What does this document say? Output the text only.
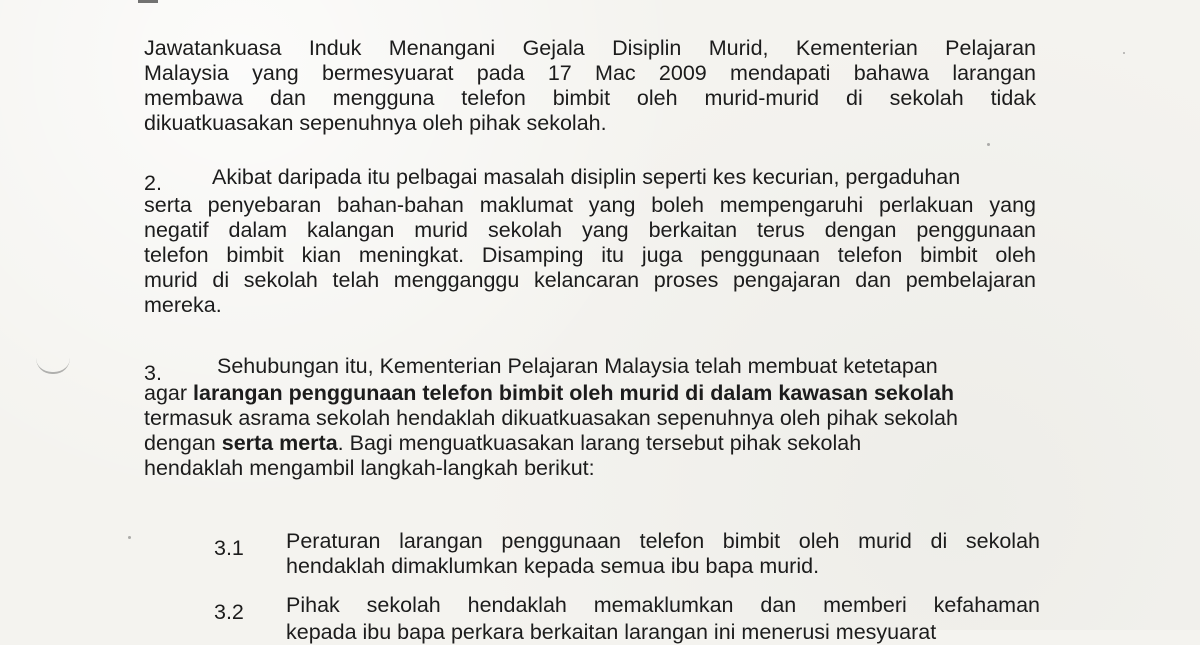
Jawatankuasa Induk Menangani Gejala Disiplin Murid, Kementerian Pelajaran
Malaysia yang bermesyuarat pada 17 Mac 2009 mendapati bahawa larangan
membawa dan mengguna telefon bimbit oleh murid-murid di sekolah tidak
dikuatkuasakan sepenuhnya oleh pihak sekolah.
2. Akibat daripada itu pelbagai masalah disiplin seperti kes kecurian, pergaduhan
serta penyebaran bahan-bahan maklumat yang boleh mempengaruhi perlakuan yang
negatif dalam kalangan murid sekolah yang berkaitan terus dengan penggunaan
telefon bimbit kian meningkat. Disamping itu juga penggunaan telefon bimbit oleh
murid di sekolah telah mengganggu kelancaran proses pengajaran dan pembelajaran
mereka.
3.	Sehubungan itu, Kementerian Pelajaran Malaysia telah membuat ketetapan
agar larangan penggunaan telefon bimbit oleh murid di dalam kawasan sekolah
termasuk asrama sekolah hendaklah dikuatkuasakan sepenuhnya oleh pihak sekolah
dengan serta merta. Bagi menguatkuasakan larang tersebut pihak sekolah
hendaklah mengambil langkah-langkah berikut:
3.1 Peraturan larangan penggunaan telefon bimbit oleh murid di sekolah
hendaklah dimaklumkan kepada semua ibu bapa murid.
3.2 Pihak sekolah hendaklah memaklumkan dan memberi kefahaman
kepada ibu bapa perkara berkaitan larangan ini menerusi mesyuarat
